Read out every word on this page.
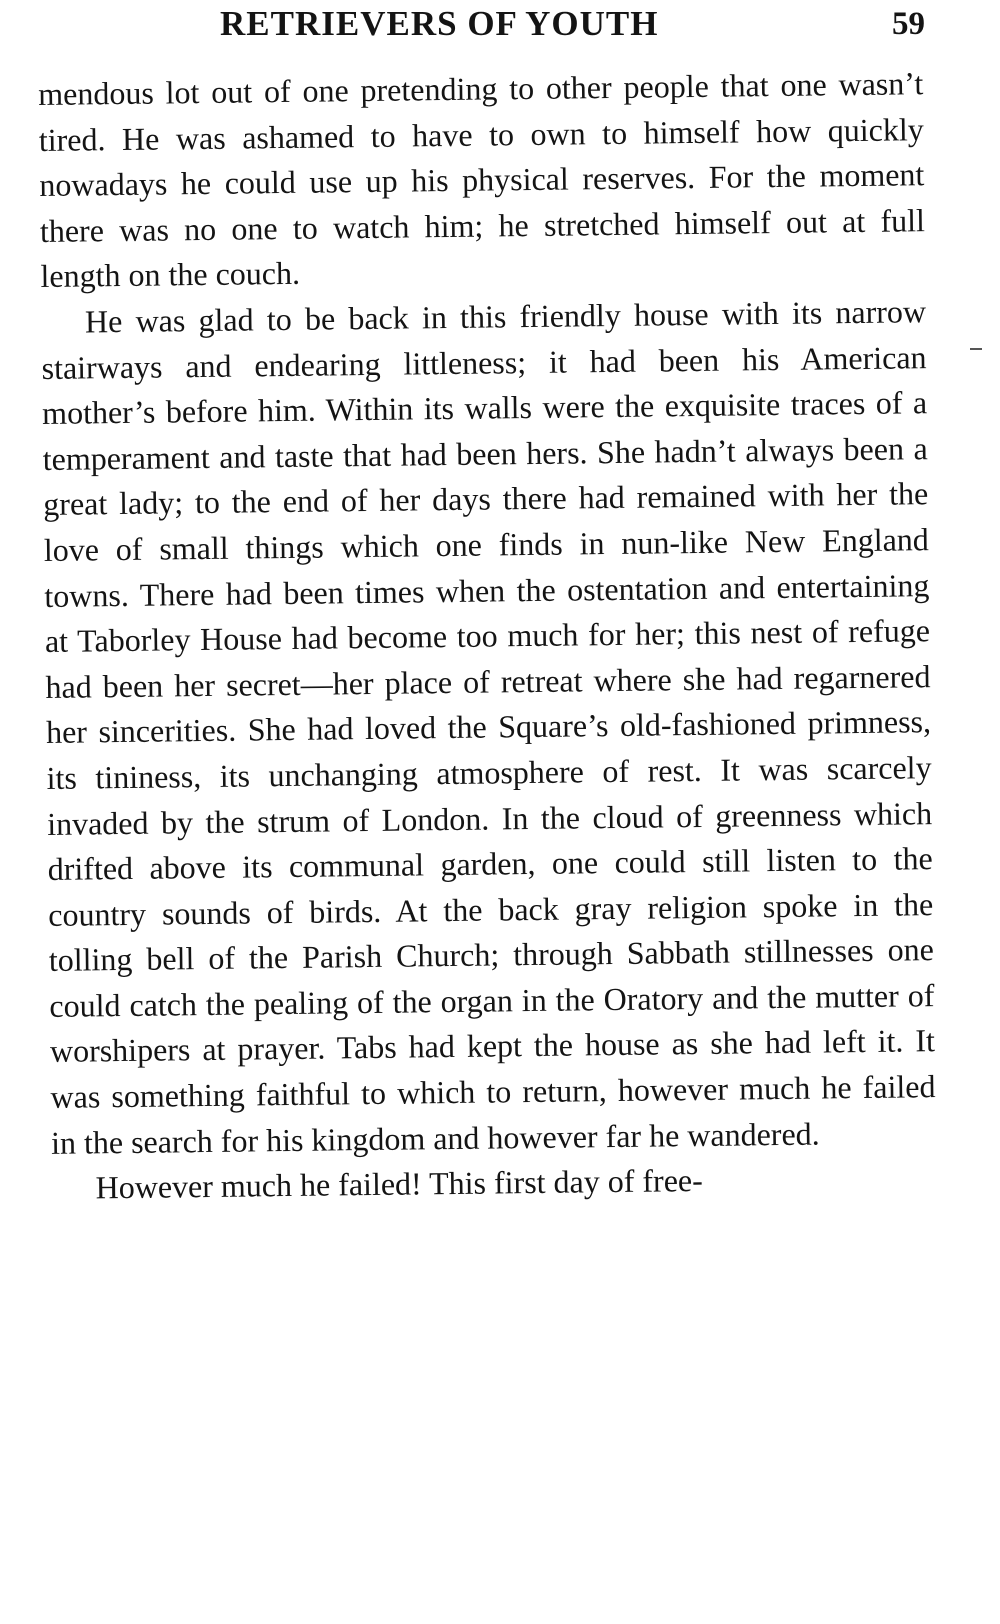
RETRIEVERS OF YOUTH	59

mendous lot out of one pretending to other people that one wasn’t tired. He was ashamed to have to own to himself how quickly nowadays he could use up his physical reserves. For the moment there was no one to watch him; he stretched himself out at full length on the couch.

He was glad to be back in this friendly house with its narrow stairways and endearing littleness; it had been his American mother’s before him. Within its walls were the exquisite traces of a temperament and taste that had been hers. She hadn’t always been a great lady; to the end of her days there had remained with her the love of small things which one finds in nun-like New England towns. There had been times when the ostentation and entertaining at Taborley House had become too much for her; this nest of refuge had been her secret—her place of retreat where she had regarnered her sincerities. She had loved the Square’s old-fashioned primness, its tininess, its unchanging atmosphere of rest. It was scarcely invaded by the strum of London. In the cloud of greenness which drifted above its communal garden, one could still listen to the country sounds of birds. At the back gray religion spoke in the tolling bell of the Parish Church; through Sabbath stillnesses one could catch the pealing of the organ in the Oratory and the mutter of worshipers at prayer. Tabs had kept the house as she had left it. It was something faithful to which to return, however much he failed in the search for his kingdom and however far he wandered.

However much he failed! This first day of free-
